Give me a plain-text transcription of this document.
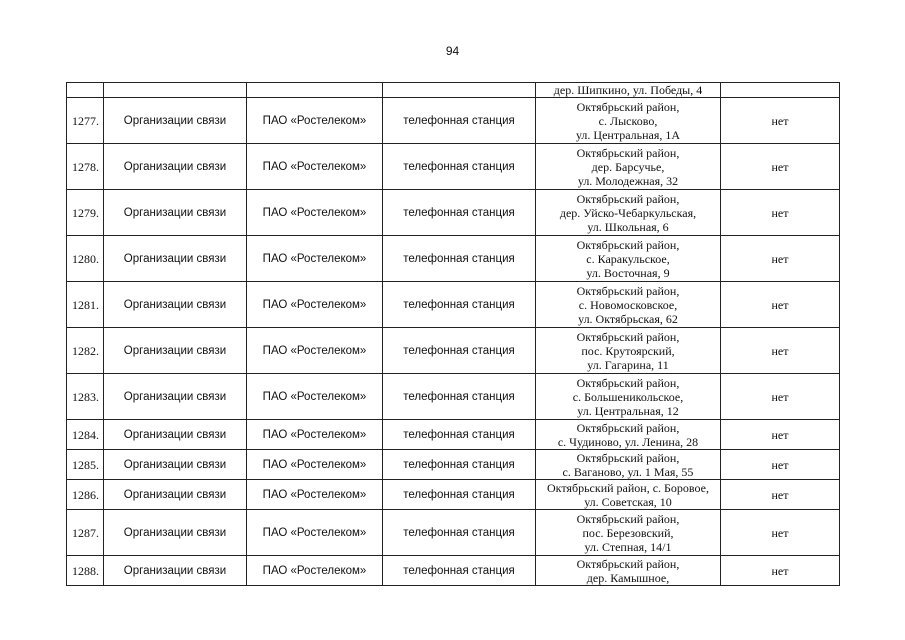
94

				дер. Шипкино, ул. Победы, 4	

1277.	Организации связи	ПАО «Ростелеком»	телефонная станция	Октябрьский район,
с. Лысково,
ул. Центральная, 1А	нет
1278.	Организации связи	ПАО «Ростелеком»	телефонная станция	Октябрьский район,
дер. Барсучье,
ул. Молодежная, 32	нет
1279.	Организации связи	ПАО «Ростелеком»	телефонная станция	Октябрьский район,
дер. Уйско-Чебаркульская,
ул. Школьная, 6	нет
1280.	Организации связи	ПАО «Ростелеком»	телефонная станция	Октябрьский район,
с. Каракульское,
ул. Восточная, 9	нет
1281.	Организации связи	ПАО «Ростелеком»	телефонная станция	Октябрьский район,
с. Новомосковское,
ул. Октябрьская, 62	нет
1282.	Организации связи	ПАО «Ростелеком»	телефонная станция	Октябрьский район,
пос. Крутоярский,
ул. Гагарина, 11	нет
1283.	Организации связи	ПАО «Ростелеком»	телефонная станция	Октябрьский район,
с. Большеникольское,
ул. Центральная, 12	нет
1284.	Организации связи	ПАО «Ростелеком»	телефонная станция	Октябрьский район,
с. Чудиново, ул. Ленина, 28	нет
1285.	Организации связи	ПАО «Ростелеком»	телефонная станция	Октябрьский район,
с. Ваганово, ул. 1 Мая, 55	нет
1286.	Организации связи	ПАО «Ростелеком»	телефонная станция	Октябрьский район, с. Боровое,
ул. Советская, 10	нет
1287.	Организации связи	ПАО «Ростелеком»	телефонная станция	Октябрьский район,
пос. Березовский,
ул. Степная, 14/1	нет
1288.	Организации связи	ПАО «Ростелеком»	телефонная станция	Октябрьский район,
дер. Камышное,	нет
